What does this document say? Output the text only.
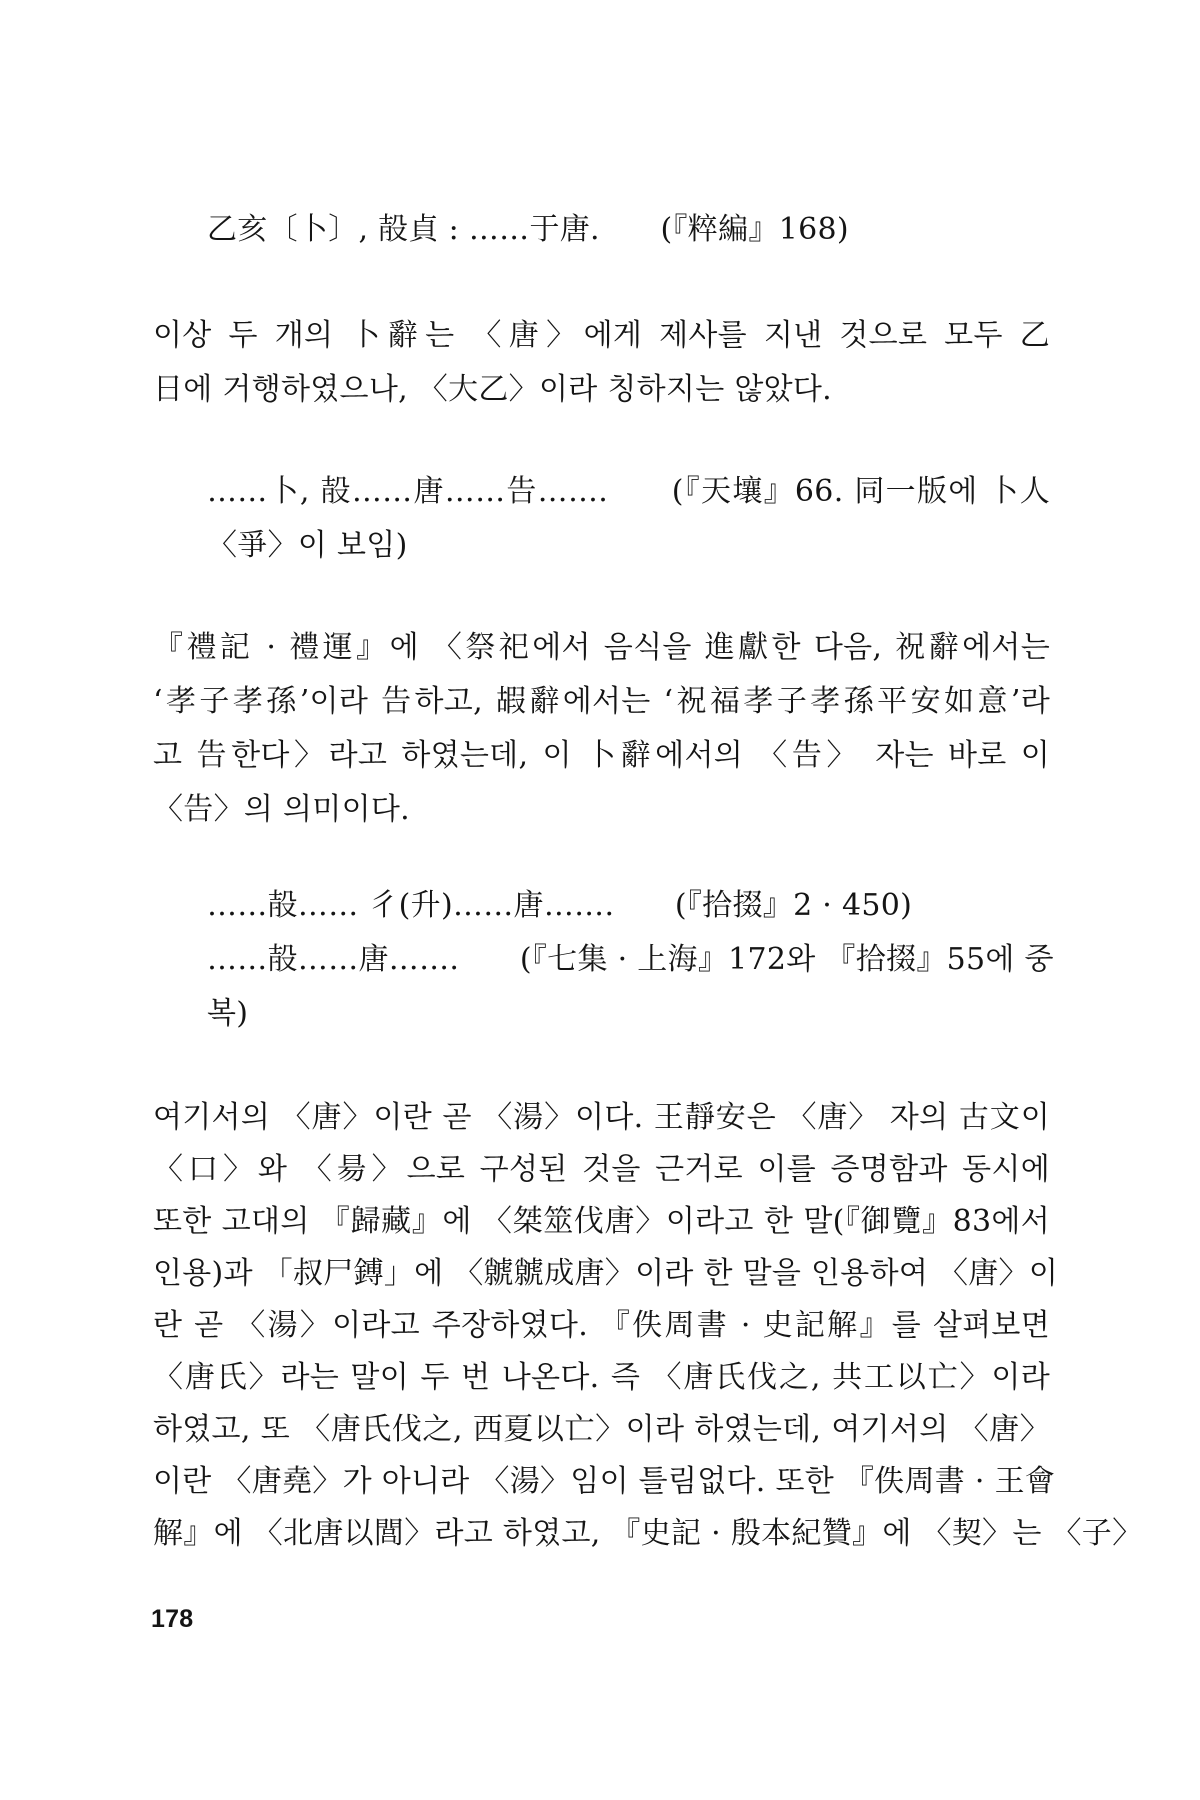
乙亥〔卜〕, 㱿貞 : ……于唐.　　(『粹編』168)
이상 두 개의 卜辭는 〈唐〉에게 제사를 지낸 것으로 모두 乙
日에 거행하였으나, 〈大乙〉이라 칭하지는 않았다.
……卜, 㱿……唐……告…….　　(『天壤』66. 同一版에 卜人
〈爭〉이 보임)
『禮記 · 禮運』에 〈祭祀에서 음식을 進獻한 다음, 祝辭에서는
‘孝子孝孫’이라 告하고, 嘏辭에서는 ‘祝福孝子孝孫平安如意’라
고 告한다〉라고 하였는데, 이 卜辭에서의 〈告〉 자는 바로 이
〈告〉의 의미이다.
……㱿…… 彳(升)……唐…….　　(『拾掇』2 · 450)
……㱿……唐…….　　(『七集 · 上海』172와 『拾掇』55에 중
복)
여기서의 〈唐〉이란 곧 〈湯〉이다. 王靜安은 〈唐〉 자의 古文이
〈口〉와 〈昜〉으로 구성된 것을 근거로 이를 증명함과 동시에
또한 고대의 『歸藏』에 〈桀筮伐唐〉이라고 한 말(『御覽』83에서
인용)과 「叔尸鎛」에 〈虩虩成唐〉이라 한 말을 인용하여 〈唐〉이
란 곧 〈湯〉이라고 주장하였다. 『佚周書 · 史記解』를 살펴보면
〈唐氏〉라는 말이 두 번 나온다. 즉 〈唐氏伐之, 共工以亡〉이라
하였고, 또 〈唐氏伐之, 西夏以亡〉이라 하였는데, 여기서의 〈唐〉
이란 〈唐堯〉가 아니라 〈湯〉임이 틀림없다. 또한 『佚周書 · 王會
解』에 〈北唐以閭〉라고 하였고, 『史記 · 殷本紀贊』에 〈契〉는 〈子〉
178
